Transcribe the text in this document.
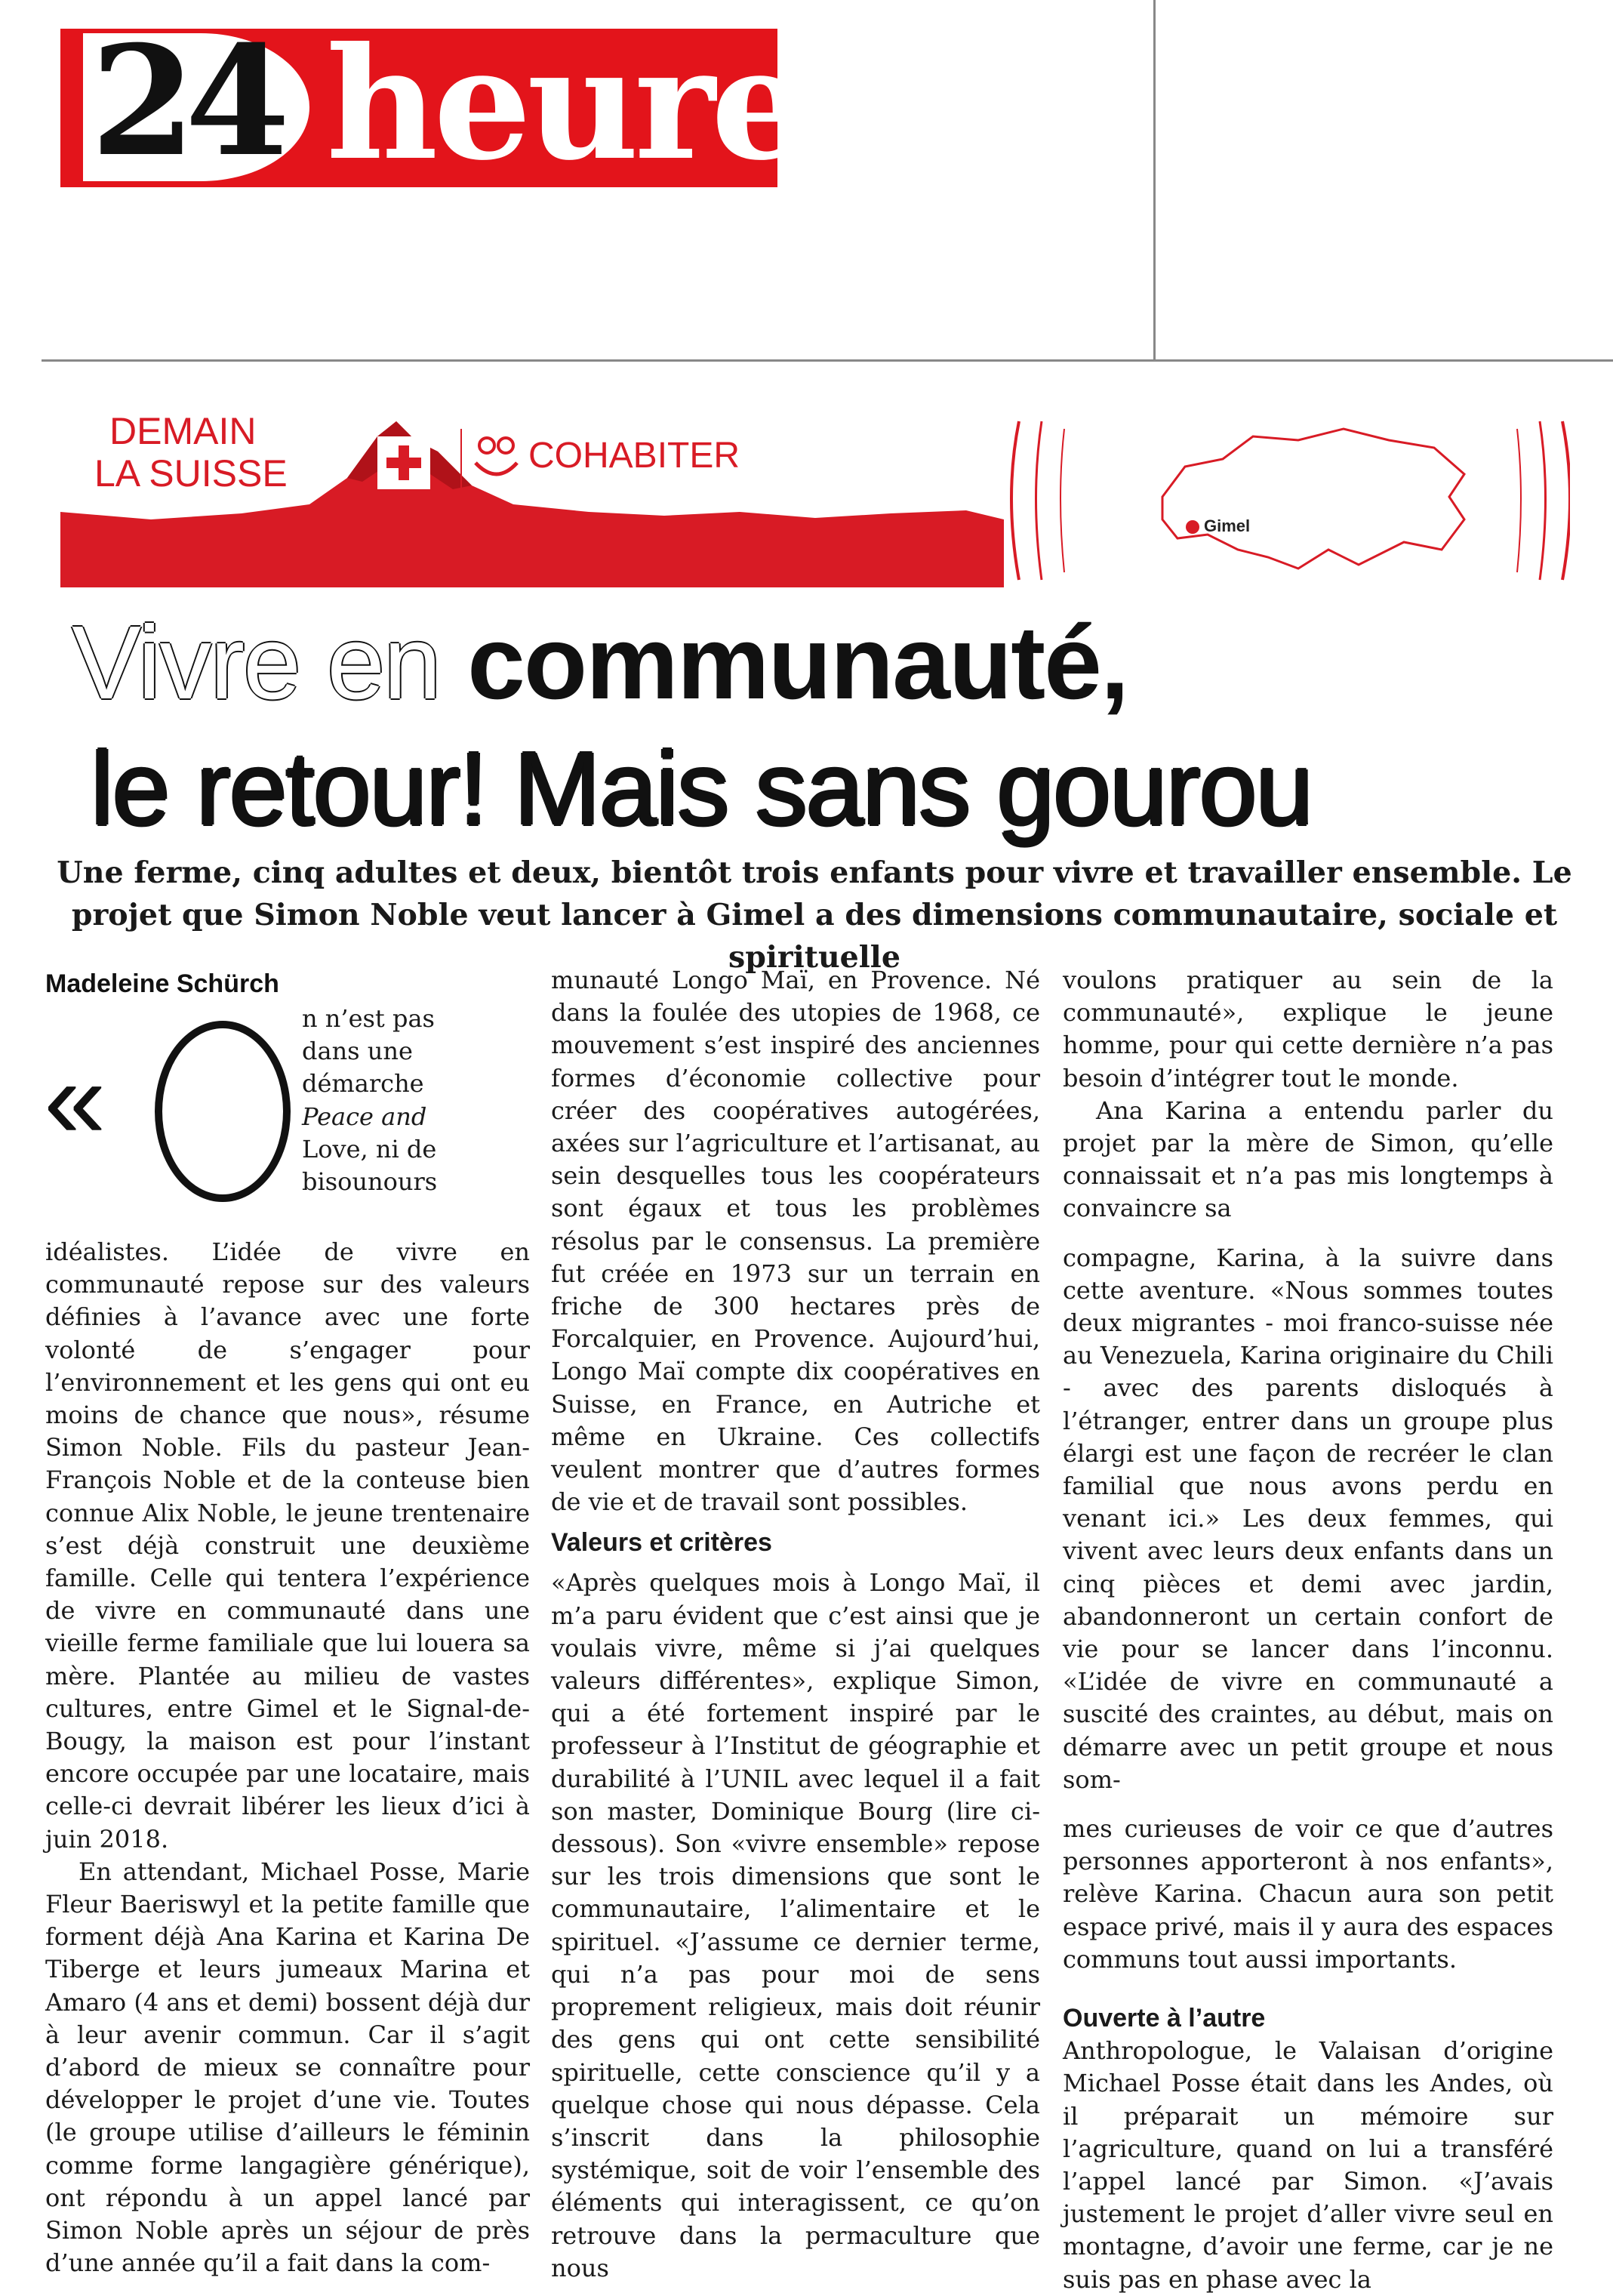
24 heures
DEMAIN
LA SUISSE	COHABITER
Gimel
Vivre en communauté,
le retour! Mais sans gourou
Une ferme, cinq adultes et deux, bientôt trois enfants pour vivre et travailler ensemble. Le projet que Simon Noble veut lancer à Gimel a des dimensions communautaire, sociale et spirituelle
Madeleine Schürch
«

n n’est pas

dans une

démarche

Peace and

Love, ni de

bisounours

idéalistes. L’idée de vivre en communauté repose sur des valeurs définies à l’avance avec une forte volonté de s’engager pour l’environnement et les gens qui ont eu moins de chance que nous», résume Simon Noble. Fils du pasteur Jean-François Noble et de la conteuse bien connue Alix Noble, le jeune trentenaire s’est déjà construit une deuxième famille. Celle qui tentera l’expérience de vivre en communauté dans une vieille ferme familiale que lui louera sa mère. Plantée au milieu de vastes cultures, entre Gimel et le Signal-de-Bougy, la maison est pour l’instant encore occupée par une locataire, mais celle-ci devrait libérer les lieux d’ici à juin 2018.

En attendant, Michael Posse, Marie Fleur Baeriswyl et la petite famille que forment déjà Ana Karina et Karina De Tiberge et leurs jumeaux Marina et Amaro (4 ans et demi) bossent déjà dur à leur avenir commun. Car il s’agit d’abord de mieux se connaître pour développer le projet d’une vie. Toutes (le groupe utilise d’ailleurs le féminin comme forme langagière générique), ont répondu à un appel lancé par Simon Noble après un séjour de près d’une année qu’il a fait dans la com-

munauté Longo Maï, en Provence. Né dans la foulée des utopies de 1968, ce mouvement s’est inspiré des anciennes formes d’économie collective pour créer des coopératives autogérées, axées sur l’agriculture et l’artisanat, au sein desquelles tous les coopérateurs sont égaux et tous les problèmes résolus par le consensus. La première fut créée en 1973 sur un terrain en friche de 300 hectares près de Forcalquier, en Provence. Aujourd’hui, Longo Maï compte dix coopératives en Suisse, en France, en Autriche et même en Ukraine. Ces collectifs veulent montrer que d’autres formes de vie et de travail sont possibles.

Valeurs et critères

«Après quelques mois à Longo Maï, il m’a paru évident que c’est ainsi que je voulais vivre, même si j’ai quelques valeurs différentes», explique Simon, qui a été fortement inspiré par le professeur à l’Institut de géographie et durabilité à l’UNIL avec lequel il a fait son master, Dominique Bourg (lire ci-dessous). Son «vivre ensemble» repose sur les trois dimensions que sont le communautaire, l’alimentaire et le spirituel. «J’assume ce dernier terme, qui n’a pas pour moi de sens proprement religieux, mais doit réunir des gens qui ont cette sensibilité spirituelle, cette conscience qu’il y a quelque chose qui nous dépasse. Cela s’inscrit dans la philosophie systémique, soit de voir l’ensemble des éléments qui interagissent, ce qu’on retrouve dans la permaculture que nous

voulons pratiquer au sein de la communauté», explique le jeune homme, pour qui cette dernière n’a pas besoin d’intégrer tout le monde.

Ana Karina a entendu parler du projet par la mère de Simon, qu’elle connaissait et n’a pas mis longtemps à convaincre sa

compagne, Karina, à la suivre dans cette aventure. «Nous sommes toutes deux migrantes - moi franco-suisse née au Venezuela, Karina originaire du Chili - avec des parents disloqués à l’étranger, entrer dans un groupe plus élargi est une façon de recréer le clan familial que nous avons perdu en venant ici.» Les deux femmes, qui vivent avec leurs deux enfants dans un cinq pièces et demi avec jardin, abandonneront un certain confort de vie pour se lancer dans l’inconnu. «L’idée de vivre en communauté a suscité des craintes, au début, mais on démarre avec un petit groupe et nous som-

mes curieuses de voir ce que d’autres personnes apporteront à nos enfants», relève Karina. Chacun aura son petit espace privé, mais il y aura des espaces communs tout aussi importants.

Ouverte à l’autre

Anthropologue, le Valaisan d’origine Michael Posse était dans les Andes, où il préparait un mémoire sur l’agriculture, quand on lui a transféré l’appel lancé par Simon. «J’avais justement le projet d’aller vivre seul en montagne, d’avoir une ferme, car je ne suis pas en phase avec la
